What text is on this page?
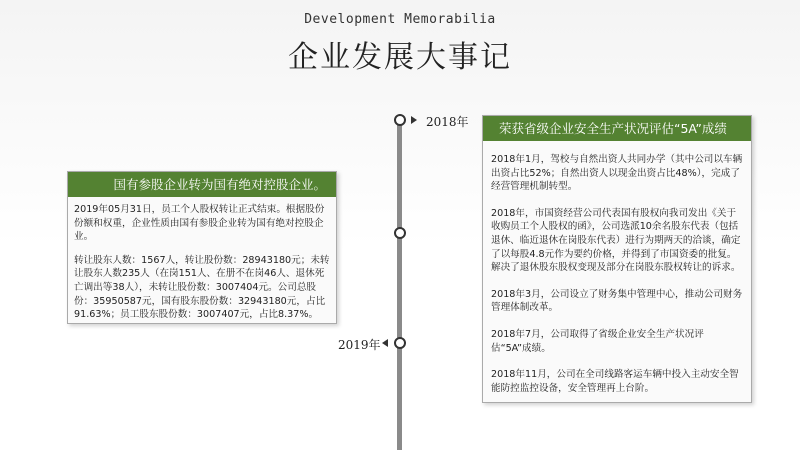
Development Memorabilia
企业发展大事记
2018年
2019年
国有参股企业转为国有绝对控股企业。

2019年05月31日，员工个人股权转让正式结束。根据股份份额和权重，企业性质由国有参股企业转为国有绝对控股企业。

转让股东人数：1567人，转让股份数：28943180元；未转让股东人数235人（在岗151人、在册不在岗46人、退休死亡调出等38人），未转让股份数：3007404元。公司总股份：35950587元，国有股东股份数：32943180元，占比91.63%；员工股东股份数：3007407元，占比8.37%。

荣获省级企业安全生产状况评估“5A”成绩

2018年1月，驾校与自然出资人共同办学（其中公司以车辆出资占比52%；自然出资人以现金出资占比48%），完成了经营管理机制转型。

2018年，市国资经营公司代表国有股权向我司发出《关于收购员工个人股权的函》，公司选派10余名股东代表（包括退休、临近退休在岗股东代表）进行为期两天的洽谈，确定了以每股4.8元作为要约价格，并得到了市国资委的批复。解决了退休股东股权变现及部分在岗股东股权转让的诉求。

2018年3月，公司设立了财务集中管理中心，推动公司财务管理体制改革。

2018年7月，公司取得了省级企业安全生产状况评估“5A”成绩。

2018年11月，公司在全司线路客运车辆中投入主动安全智能防控监控设备，安全管理再上台阶。
